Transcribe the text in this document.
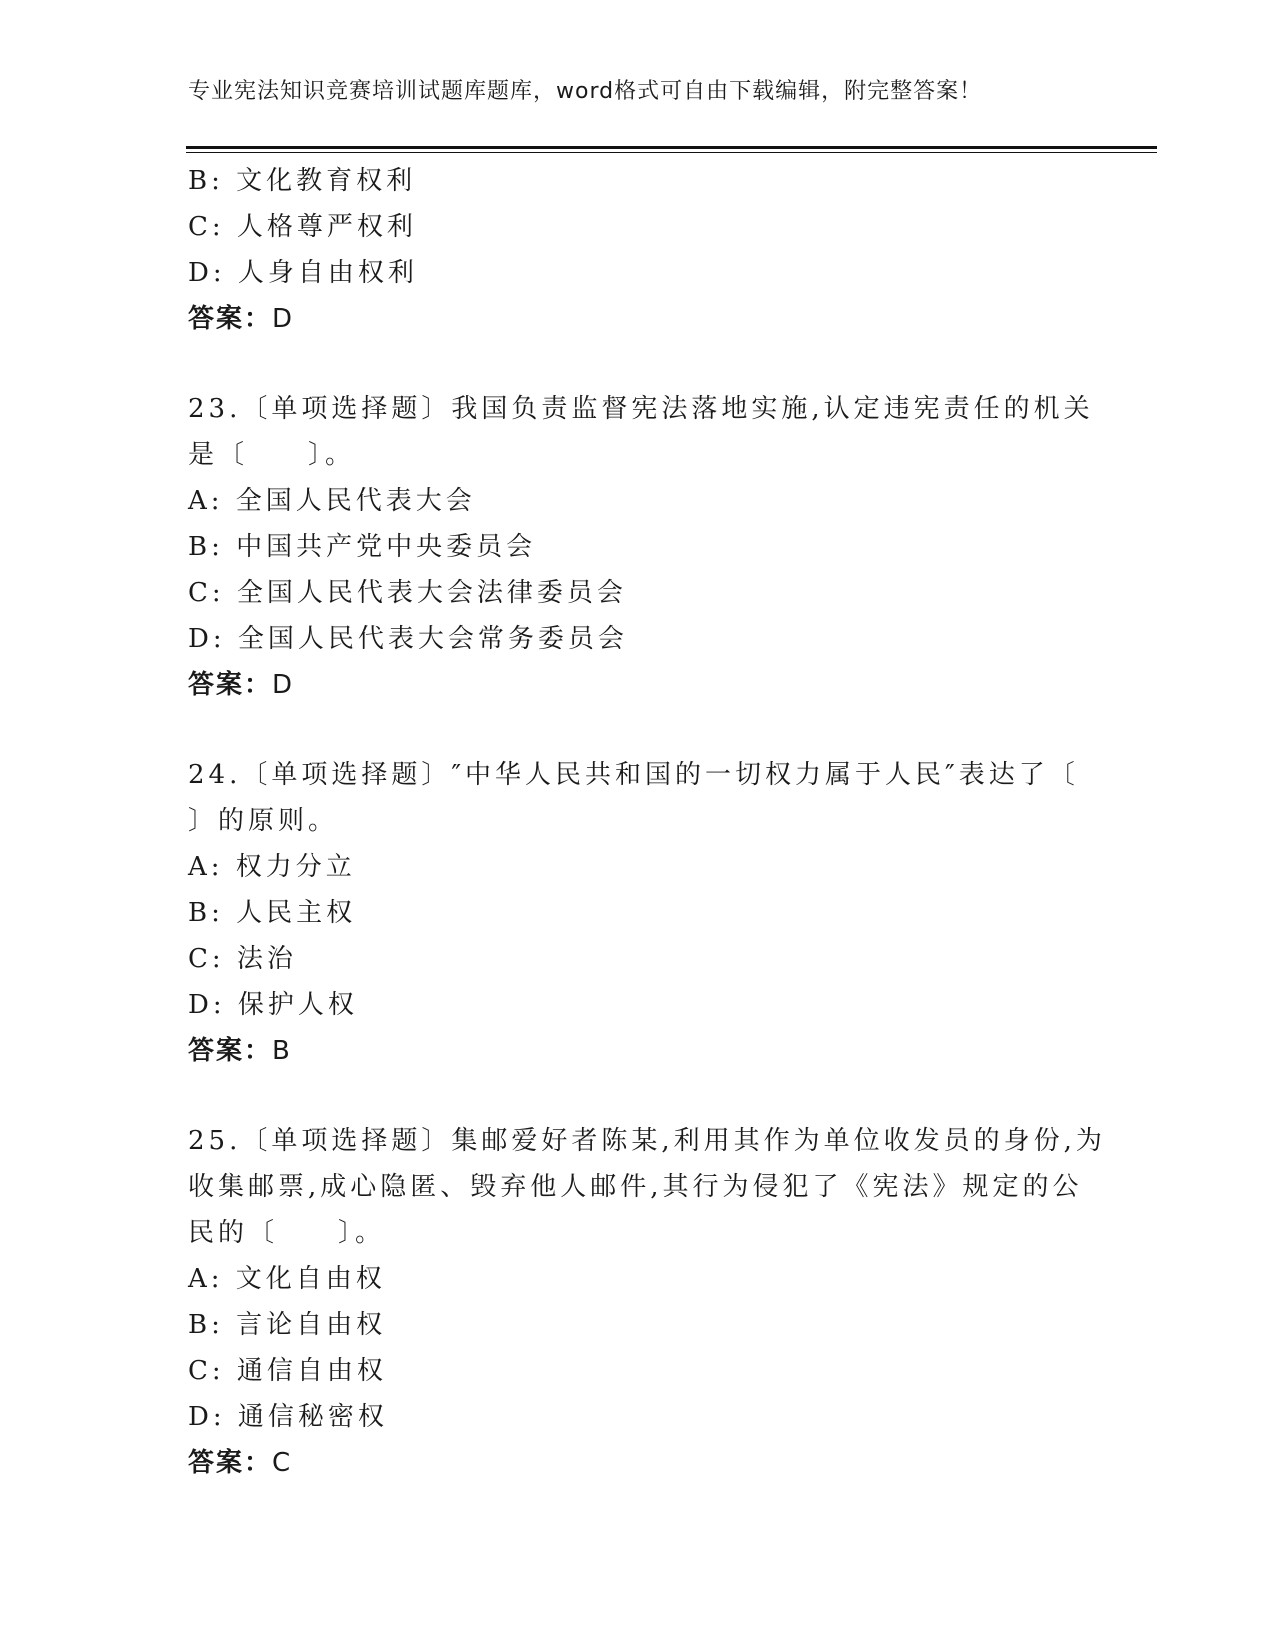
专业宪法知识竞赛培训试题库题库，word格式可自由下载编辑，附完整答案！
B: 文化教育权利
C: 人格尊严权利
D: 人身自由权利
答案：D
23.〔单项选择题〕我国负责监督宪法落地实施,认定违宪责任的机关
是〔　　〕。
A: 全国人民代表大会
B: 中国共产党中央委员会
C: 全国人民代表大会法律委员会
D: 全国人民代表大会常务委员会
答案：D
24.〔单项选择题〕″中华人民共和国的一切权力属于人民″表达了〔
〕的原则。
A: 权力分立
B: 人民主权
C: 法治
D: 保护人权
答案：B
25.〔单项选择题〕集邮爱好者陈某,利用其作为单位收发员的身份,为
收集邮票,成心隐匿、毁弃他人邮件,其行为侵犯了《宪法》规定的公
民的〔　　〕。
A: 文化自由权
B: 言论自由权
C: 通信自由权
D: 通信秘密权
答案：C
